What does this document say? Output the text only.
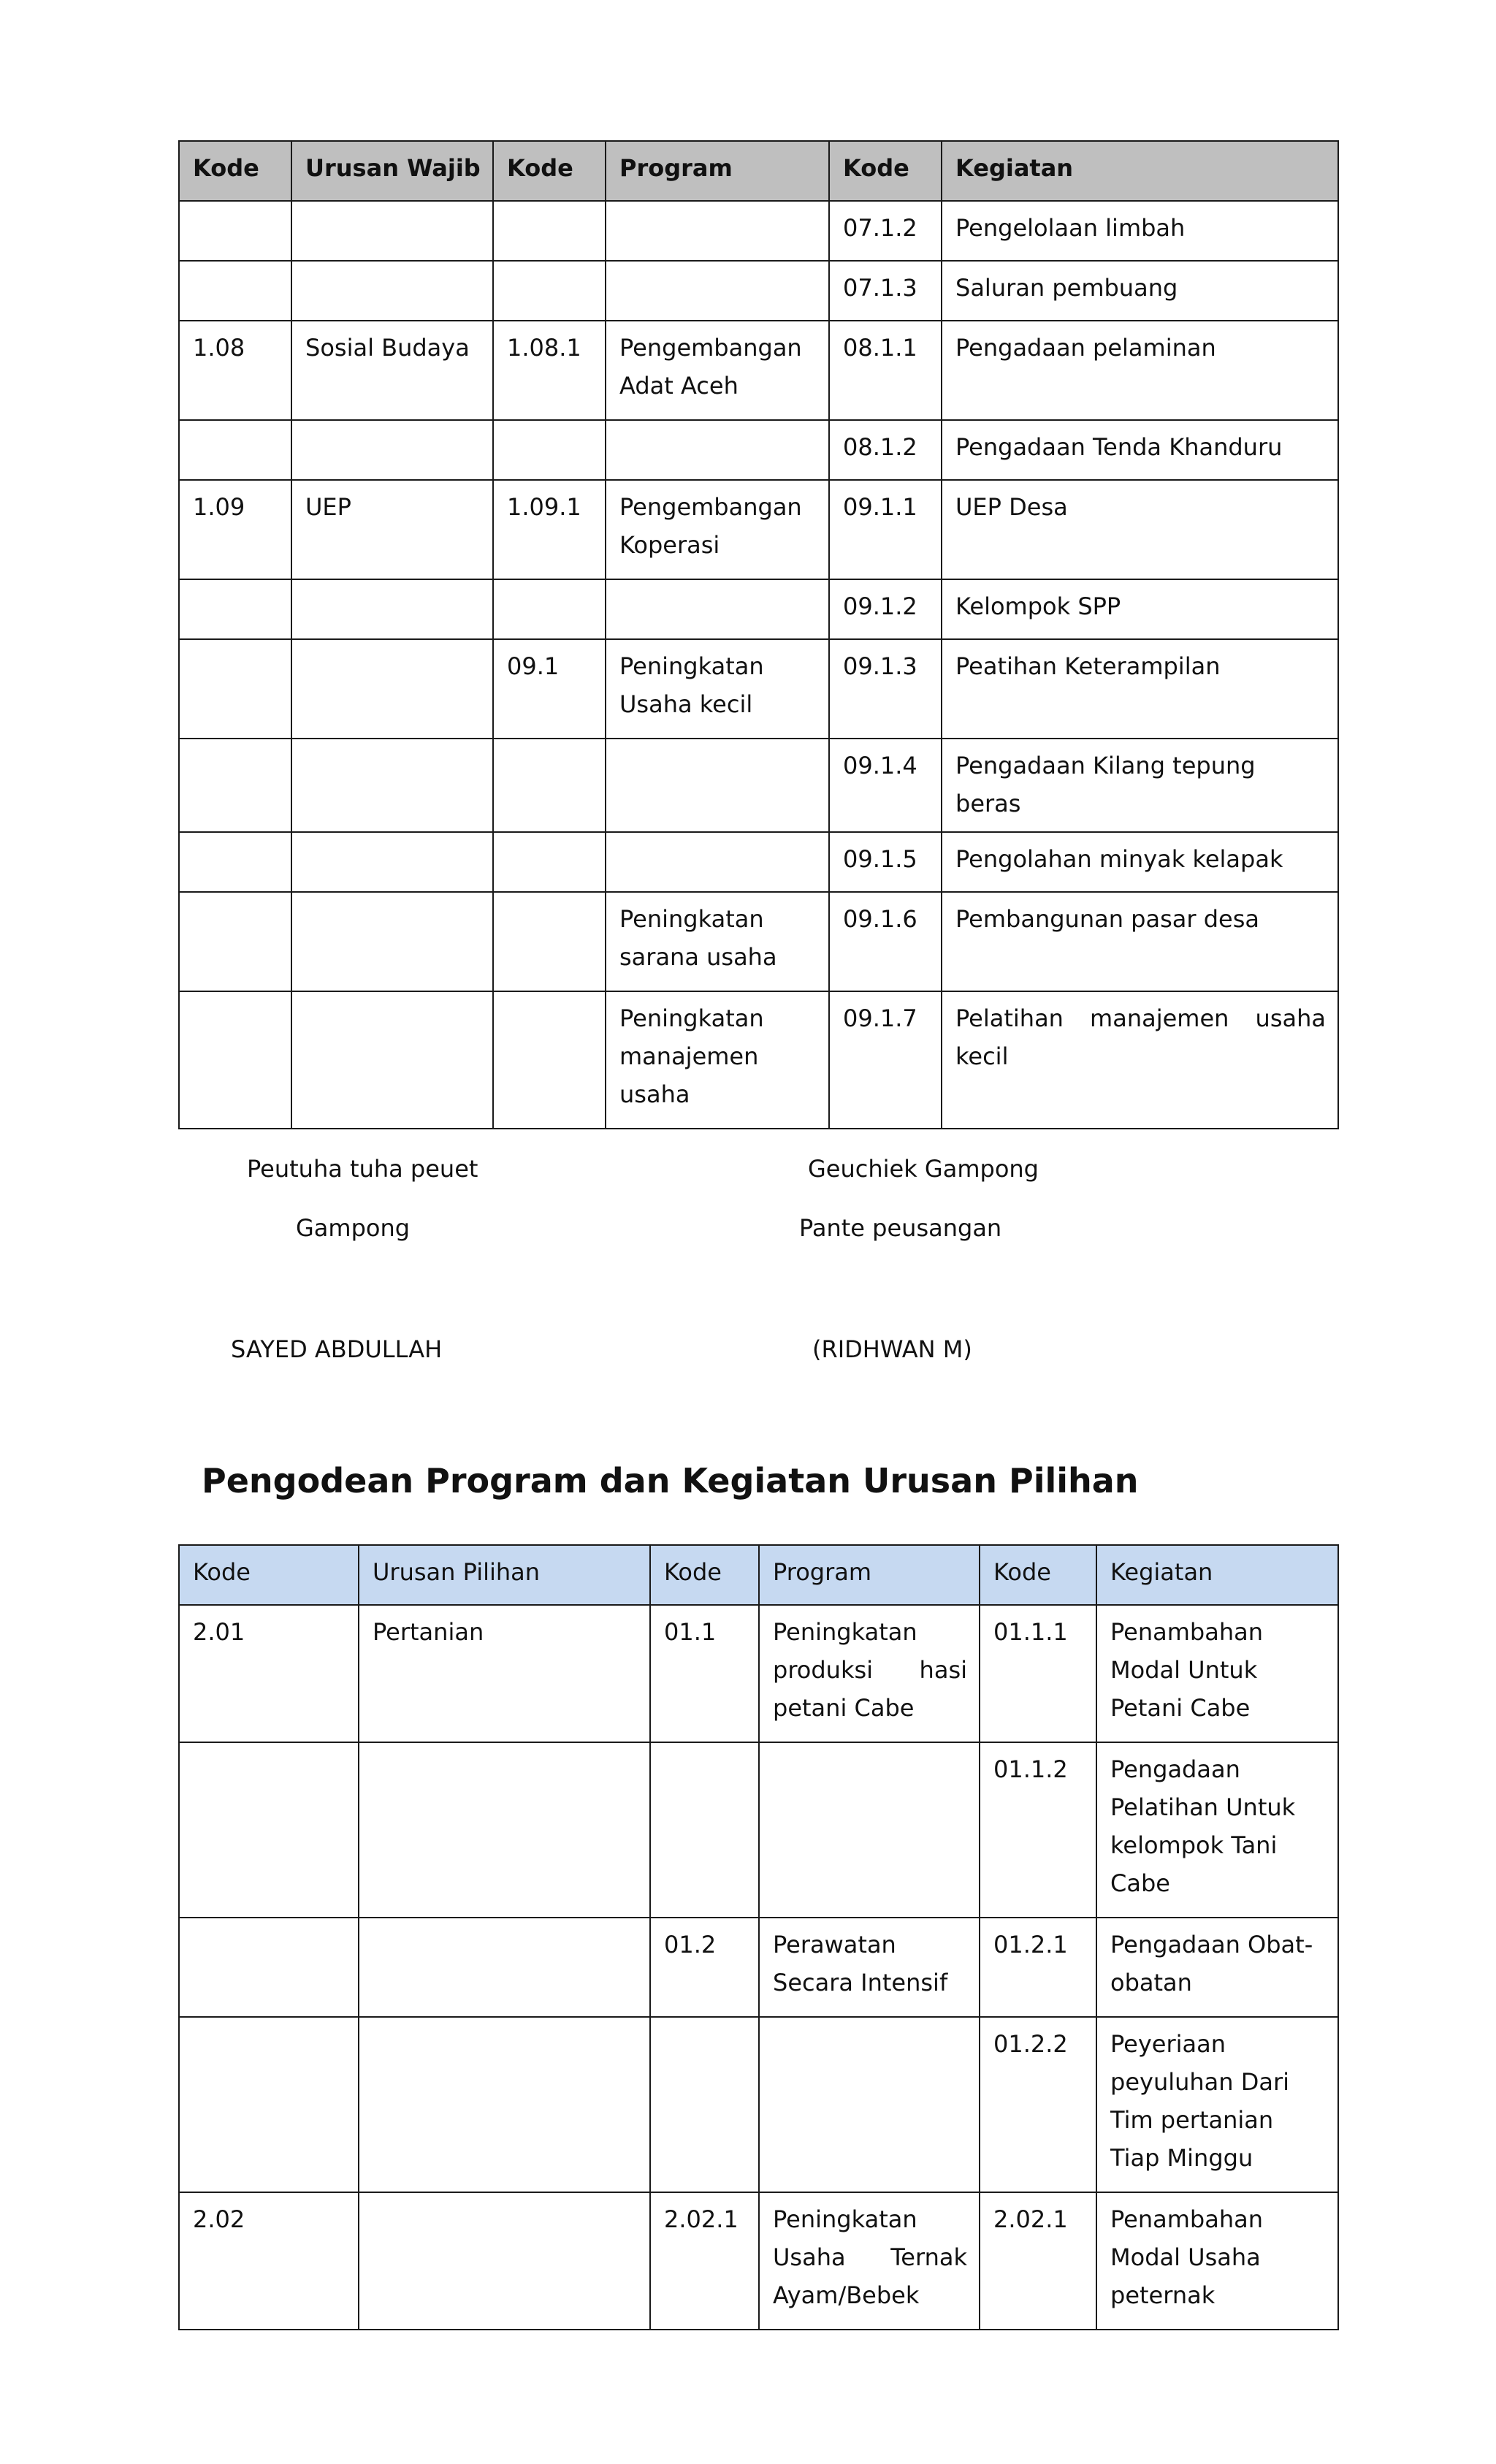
Kode	Urusan Wajib	Kode	Program	Kode	Kegiatan
				07.1.2	Pengelolaan limbah
				07.1.3	Saluran pembuang
1.08	Sosial Budaya	1.08.1	Pengembangan Adat Aceh	08.1.1	Pengadaan pelaminan
				08.1.2	Pengadaan Tenda Khanduru
1.09	UEP	1.09.1	Pengembangan Koperasi	09.1.1	UEP Desa
				09.1.2	Kelompok SPP
		09.1	Peningkatan Usaha kecil	09.1.3	Peatihan Keterampilan
				09.1.4	Pengadaan Kilang tepung beras
				09.1.5	Pengolahan minyak kelapak
			Peningkatan sarana usaha	09.1.6	Pembangunan pasar desa
			Peningkatan manajemen usaha	09.1.7	Pelatihan manajemen usaha kecil
Peutuha tuha peuet
Gampong
Geuchiek Gampong
Pante peusangan
SAYED ABDULLAH	(RIDHWAN M)
Pengodean Program dan Kegiatan Urusan Pilihan
Kode	Urusan Pilihan	Kode	Program	Kode	Kegiatan
2.01	Pertanian	01.1	Peningkatan produksi hasi petani Cabe	01.1.1	Penambahan Modal Untuk Petani Cabe
				01.1.2	Pengadaan Pelatihan Untuk kelompok Tani Cabe
		01.2	Perawatan Secara Intensif	01.2.1	Pengadaan Obat-obatan
				01.2.2	Peyeriaan peyuluhan Dari Tim pertanian Tiap Minggu
2.02		2.02.1	Peningkatan Usaha Ternak Ayam/Bebek	2.02.1	Penambahan Modal Usaha peternak
